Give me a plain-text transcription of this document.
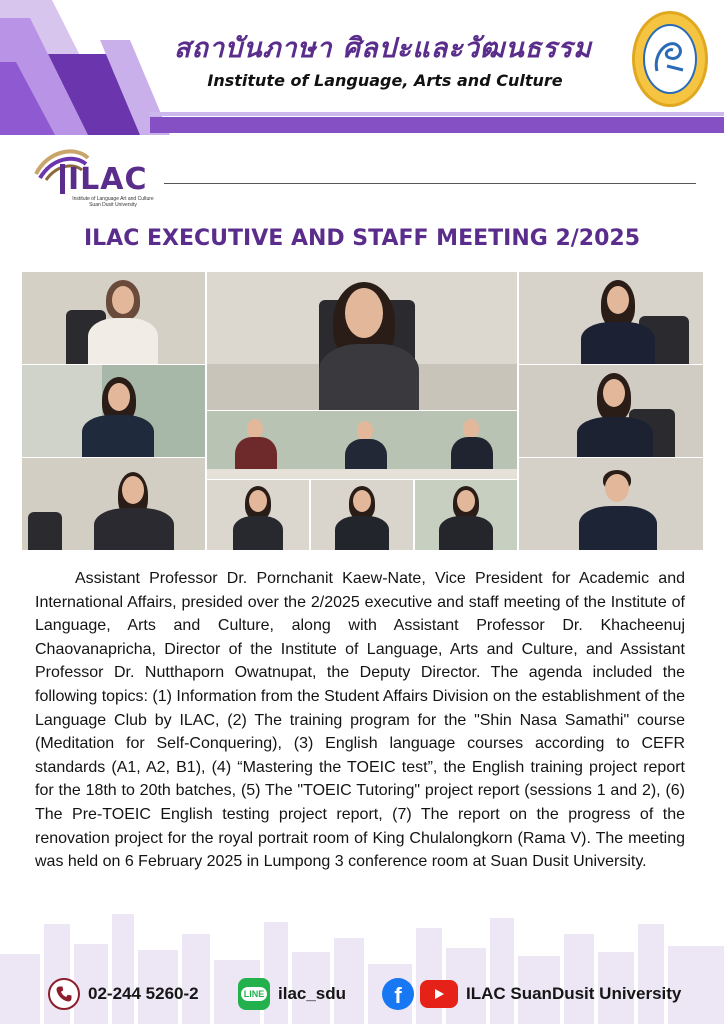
สถาบันภาษา ศิลปะและวัฒนธรรม
Institute of Language, Arts and Culture
ILAC
Institute of Language Art and Culture
Suan Dusit University
ILAC EXECUTIVE AND STAFF MEETING 2/2025
Assistant Professor Dr. Pornchanit Kaew-Nate, Vice President for Academic and International Affairs, presided over the 2/2025 executive and staff meeting of the Institute of Language, Arts and Culture, along with Assistant Professor Dr. Khacheenuj Chaovanapricha, Director of the Institute of Language, Arts and Culture, and Assistant Professor Dr. Nutthaporn Owatnupat, the Deputy Director. The agenda included the following topics: (1) Information from the Student Affairs Division on the establishment of the Language Club by ILAC, (2) The training program for the "Shin Nasa Samathi" course (Meditation for Self-Conquering), (3) English language courses according to CEFR standards (A1, A2, B1), (4) “Mastering the TOEIC test”, the English training project report for the 18th to 20th batches, (5) The "TOEIC Tutoring" project report (sessions 1 and 2), (6) The Pre-TOEIC English testing project report, (7) The report on the progress of the renovation project for the royal portrait room of King Chulalongkorn (Rama V). The meeting was held on 6 February 2025 in Lumpong 3 conference room at Suan Dusit University.
02-244 5260-2	LINE ilac_sdu f	ILAC SuanDusit University
